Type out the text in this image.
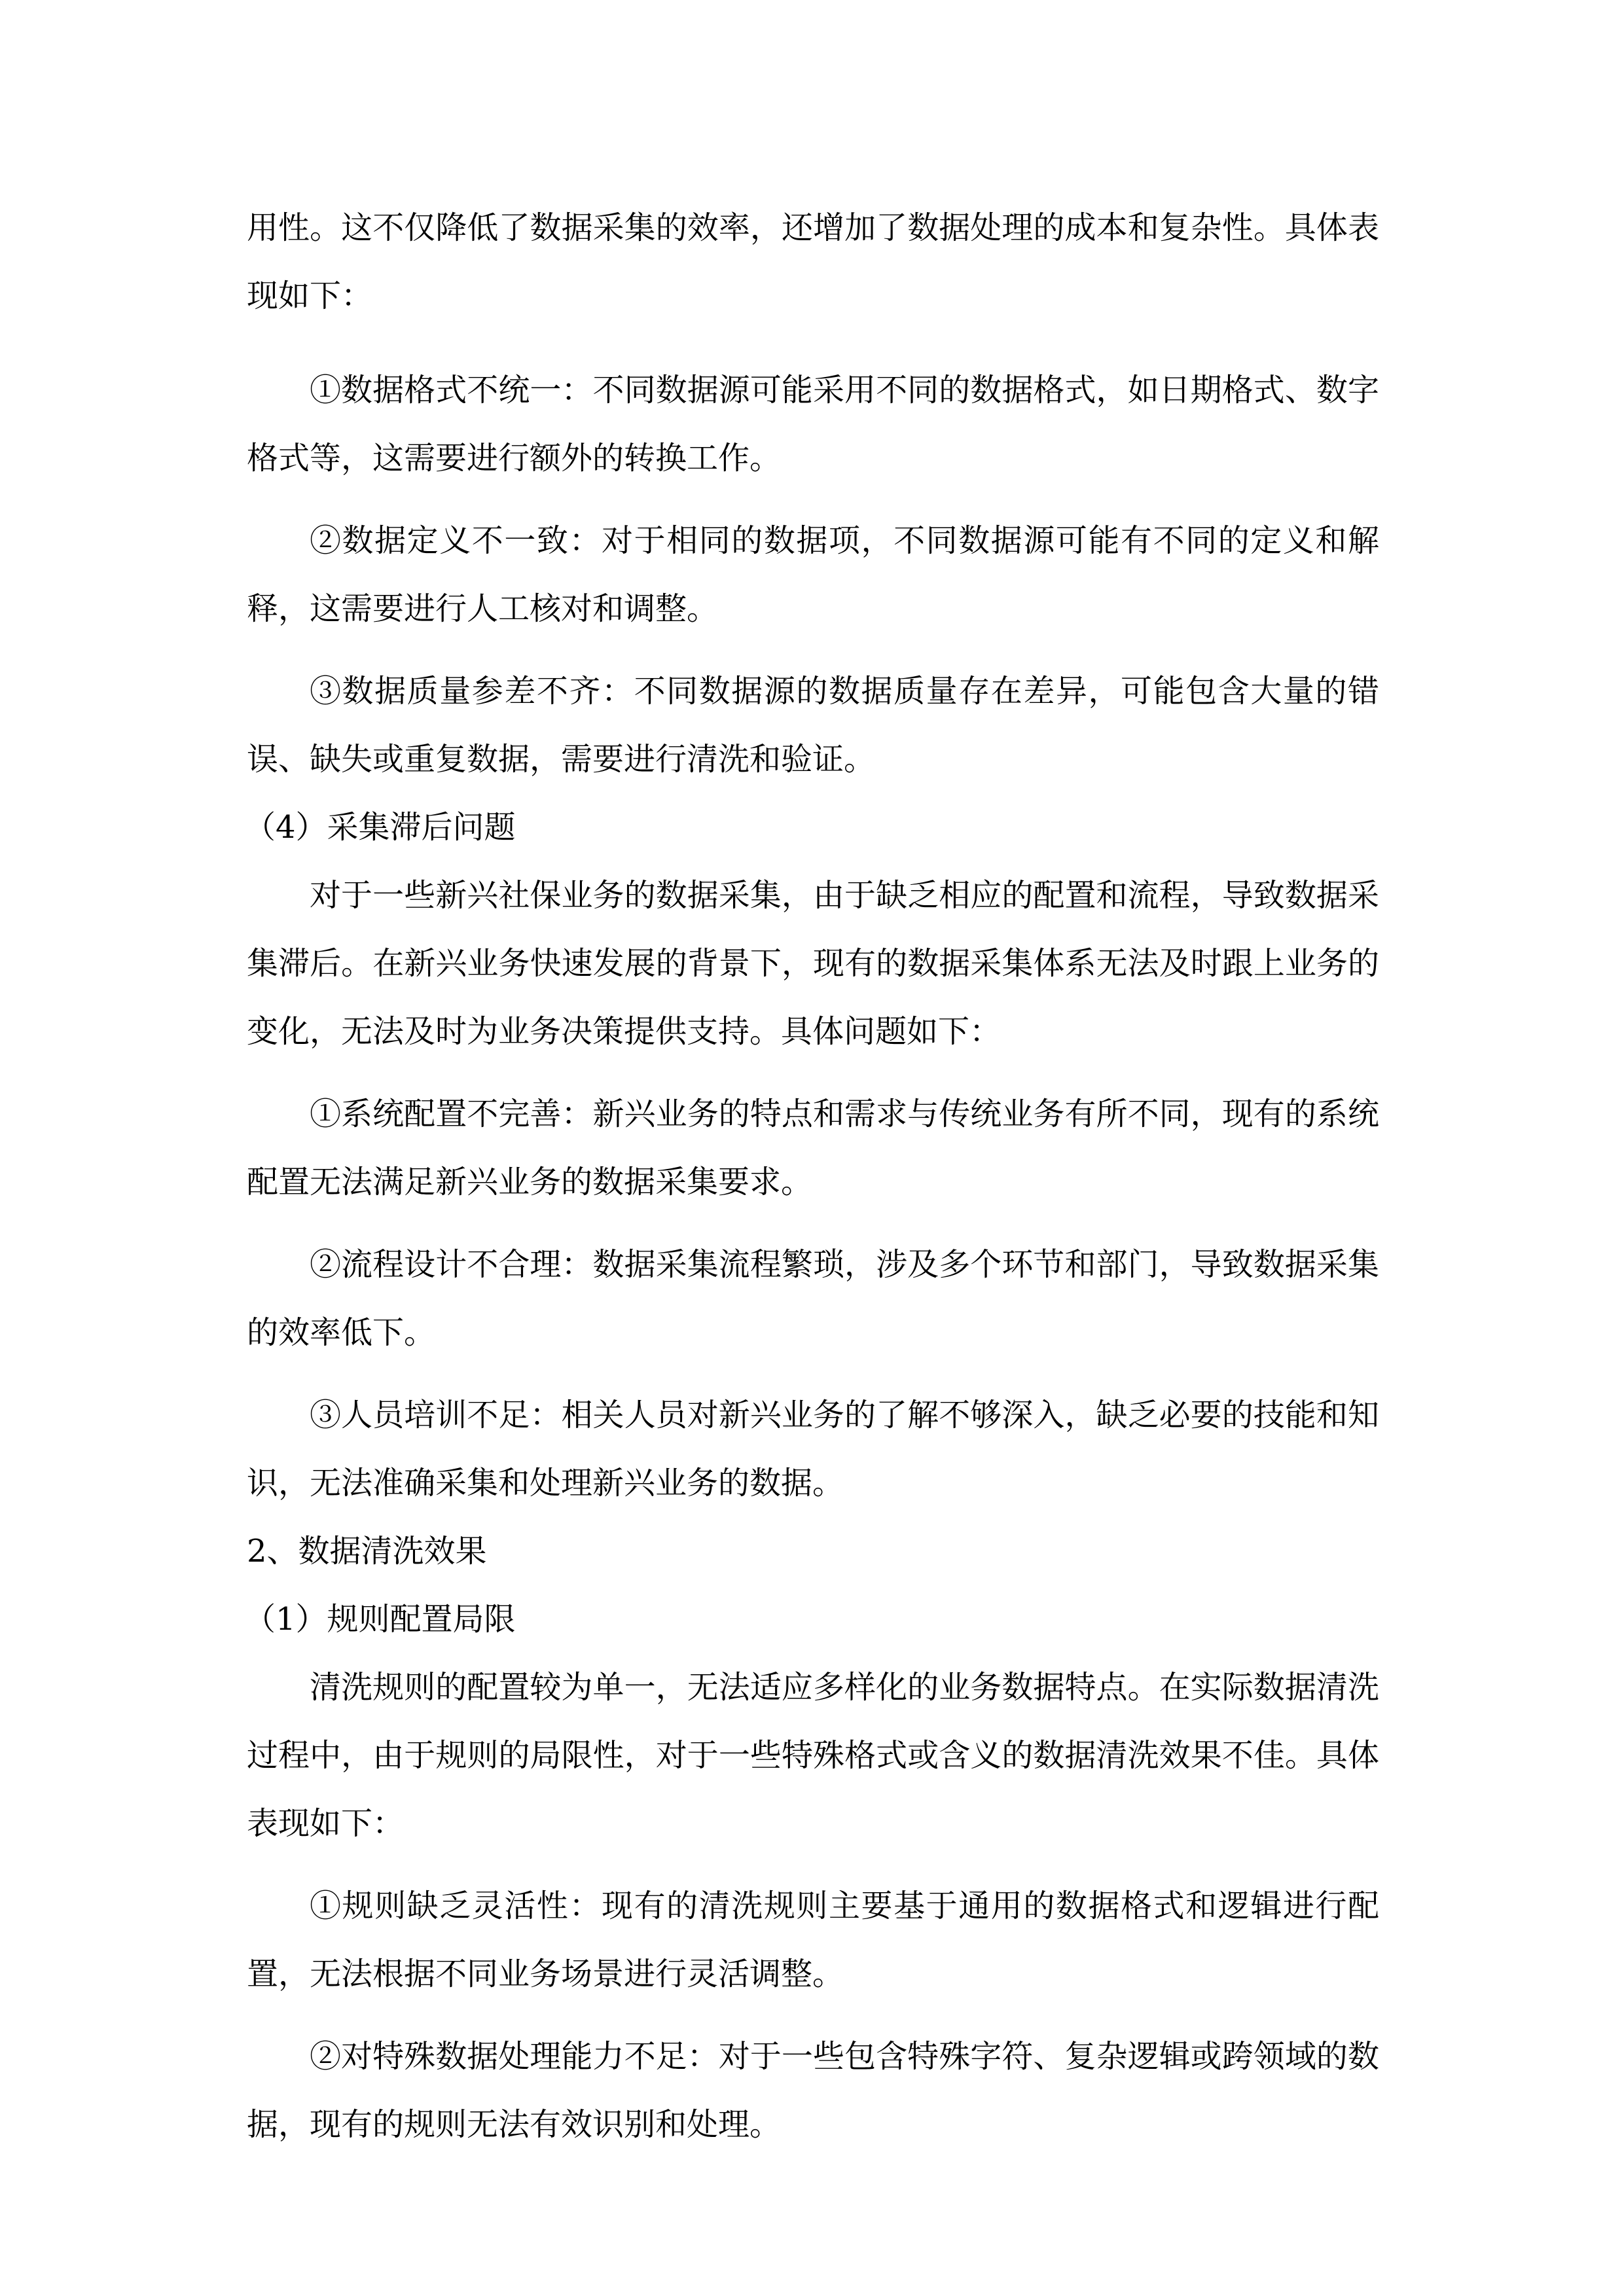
用性。这不仅降低了数据采集的效率，还增加了数据处理的成本和复杂性。具体表现如下：

①数据格式不统一：不同数据源可能采用不同的数据格式，如日期格式、数字格式等，这需要进行额外的转换工作。

②数据定义不一致：对于相同的数据项，不同数据源可能有不同的定义和解释，这需要进行人工核对和调整。

③数据质量参差不齐：不同数据源的数据质量存在差异，可能包含大量的错误、缺失或重复数据，需要进行清洗和验证。

（4）采集滞后问题

对于一些新兴社保业务的数据采集，由于缺乏相应的配置和流程，导致数据采集滞后。在新兴业务快速发展的背景下，现有的数据采集体系无法及时跟上业务的变化，无法及时为业务决策提供支持。具体问题如下：

①系统配置不完善：新兴业务的特点和需求与传统业务有所不同，现有的系统配置无法满足新兴业务的数据采集要求。

②流程设计不合理：数据采集流程繁琐，涉及多个环节和部门，导致数据采集的效率低下。

③人员培训不足：相关人员对新兴业务的了解不够深入，缺乏必要的技能和知识，无法准确采集和处理新兴业务的数据。

2、数据清洗效果

（1）规则配置局限

清洗规则的配置较为单一，无法适应多样化的业务数据特点。在实际数据清洗过程中，由于规则的局限性，对于一些特殊格式或含义的数据清洗效果不佳。具体表现如下：

①规则缺乏灵活性：现有的清洗规则主要基于通用的数据格式和逻辑进行配置，无法根据不同业务场景进行灵活调整。

②对特殊数据处理能力不足：对于一些包含特殊字符、复杂逻辑或跨领域的数据，现有的规则无法有效识别和处理。
